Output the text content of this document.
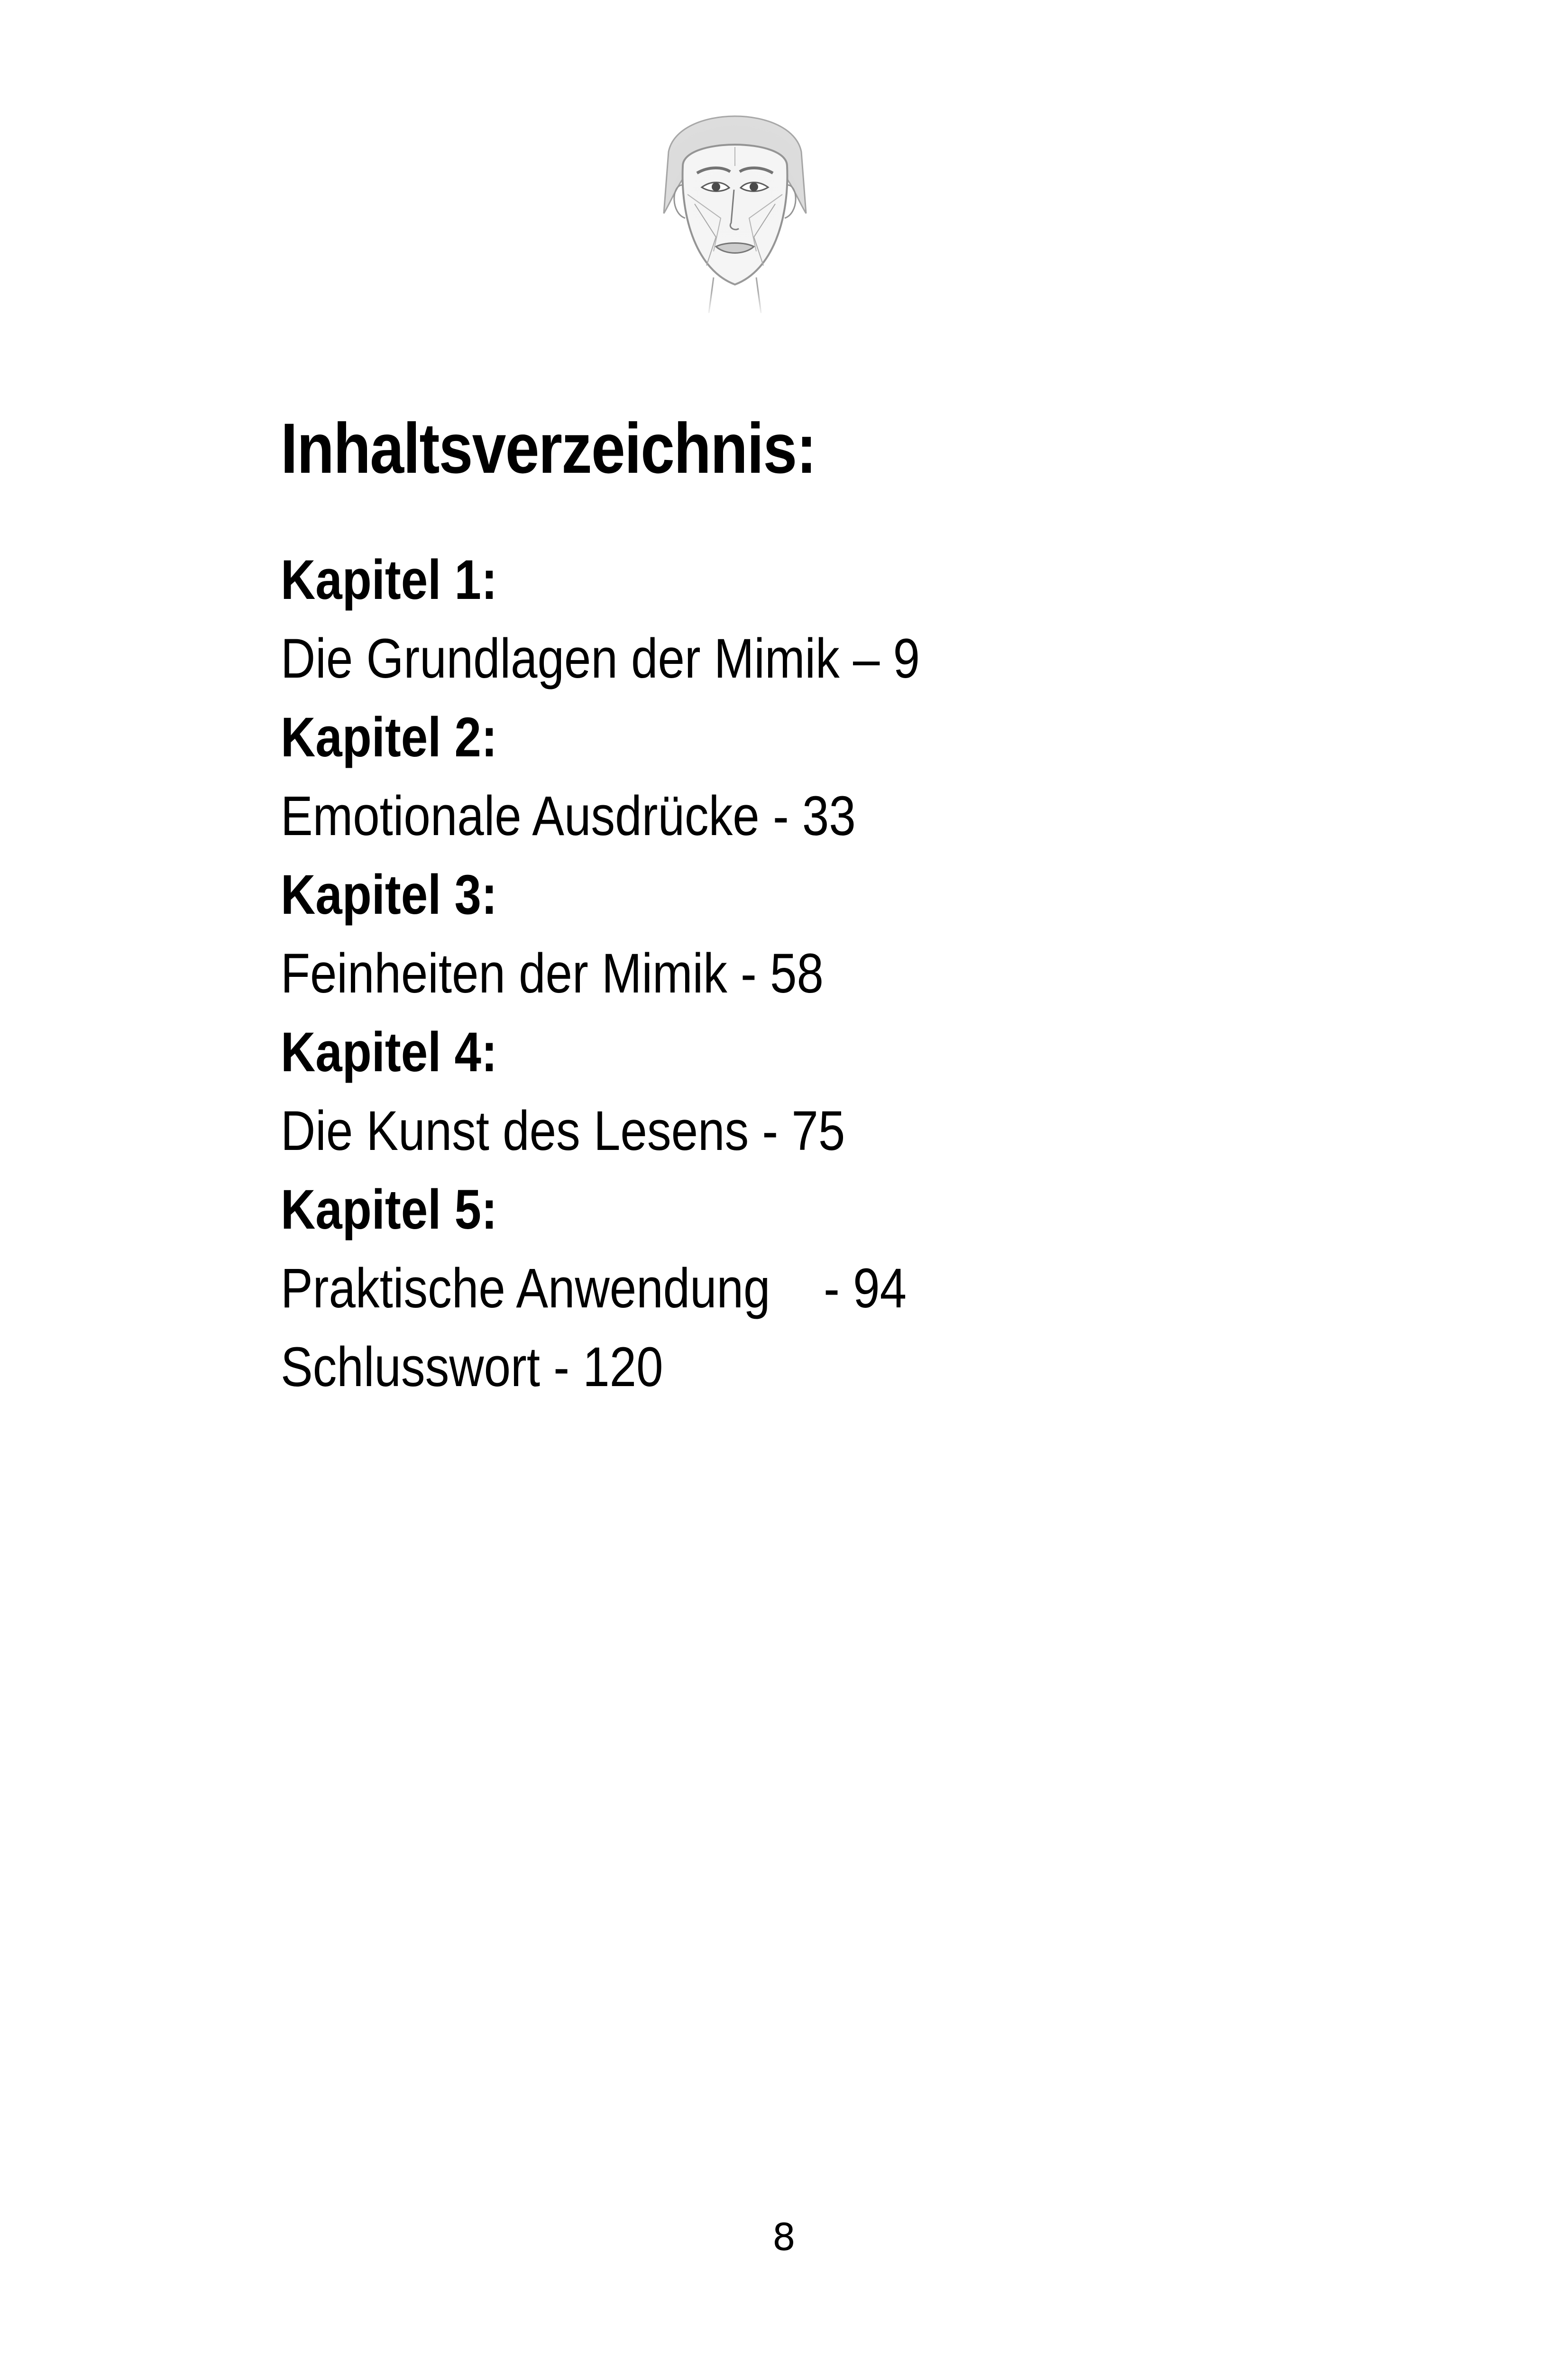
Inhaltsverzeichnis:
Kapitel 1:
Die Grundlagen der Mimik – 9
Kapitel 2:
Emotionale Ausdrücke - 33
Kapitel 3:
Feinheiten der Mimik - 58
Kapitel 4:
Die Kunst des Lesens - 75
Kapitel 5:
Praktische Anwendung    - 94
Schlusswort - 120
8
